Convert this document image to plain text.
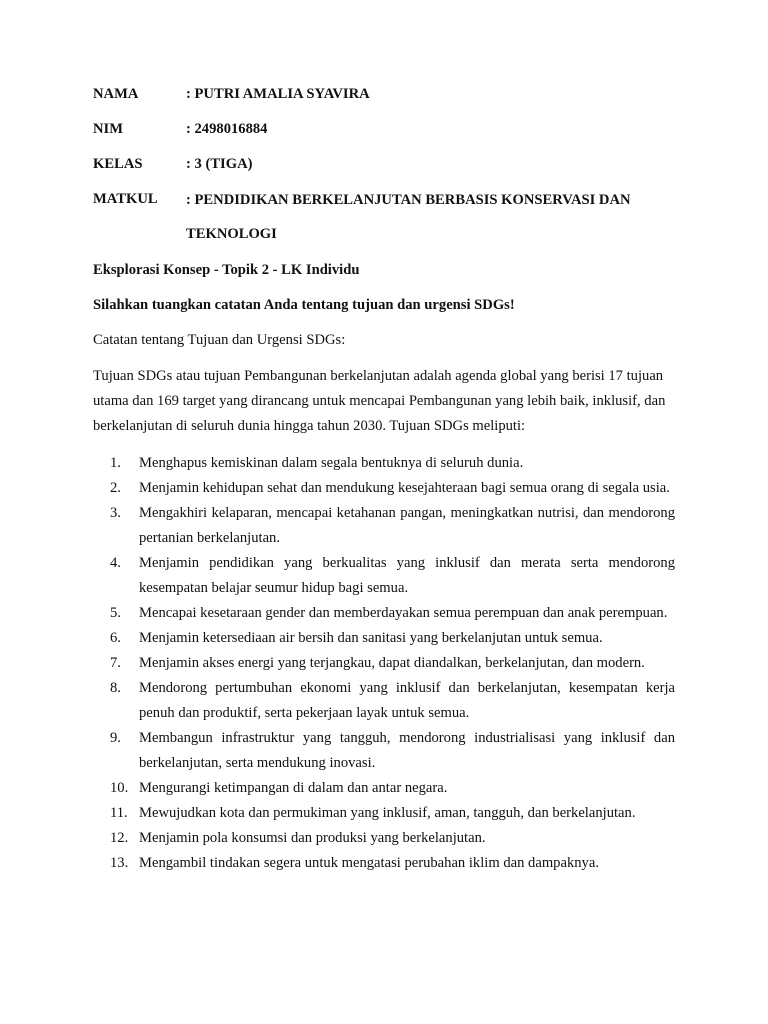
NAMA	: PUTRI AMALIA SYAVIRA
NIM	: 2498016884
KELAS	: 3 (TIGA)
MATKUL : PENDIDIKAN BERKELANJUTAN BERBASIS KONSERVASI DAN TEKNOLOGI
Eksplorasi Konsep - Topik 2 - LK Individu
Silahkan tuangkan catatan Anda tentang tujuan dan urgensi SDGs!
Catatan tentang Tujuan dan Urgensi SDGs:
Tujuan SDGs atau tujuan Pembangunan berkelanjutan adalah agenda global yang berisi 17 tujuan utama dan 169 target yang dirancang untuk mencapai Pembangunan yang lebih baik, inklusif, dan berkelanjutan di seluruh dunia hingga tahun 2030. Tujuan SDGs meliputi:
1. Menghapus kemiskinan dalam segala bentuknya di seluruh dunia.
2. Menjamin kehidupan sehat dan mendukung kesejahteraan bagi semua orang di segala usia.
3. Mengakhiri kelaparan, mencapai ketahanan pangan, meningkatkan nutrisi, dan mendorong pertanian berkelanjutan.
4. Menjamin pendidikan yang berkualitas yang inklusif dan merata serta mendorong kesempatan belajar seumur hidup bagi semua.
5. Mencapai kesetaraan gender dan memberdayakan semua perempuan dan anak perempuan.
6. Menjamin ketersediaan air bersih dan sanitasi yang berkelanjutan untuk semua.
7. Menjamin akses energi yang terjangkau, dapat diandalkan, berkelanjutan, dan modern.
8. Mendorong pertumbuhan ekonomi yang inklusif dan berkelanjutan, kesempatan kerja penuh dan produktif, serta pekerjaan layak untuk semua.
9. Membangun infrastruktur yang tangguh, mendorong industrialisasi yang inklusif dan berkelanjutan, serta mendukung inovasi.
10. Mengurangi ketimpangan di dalam dan antar negara.
11. Mewujudkan kota dan permukiman yang inklusif, aman, tangguh, dan berkelanjutan.
12. Menjamin pola konsumsi dan produksi yang berkelanjutan.
13. Mengambil tindakan segera untuk mengatasi perubahan iklim dan dampaknya.
